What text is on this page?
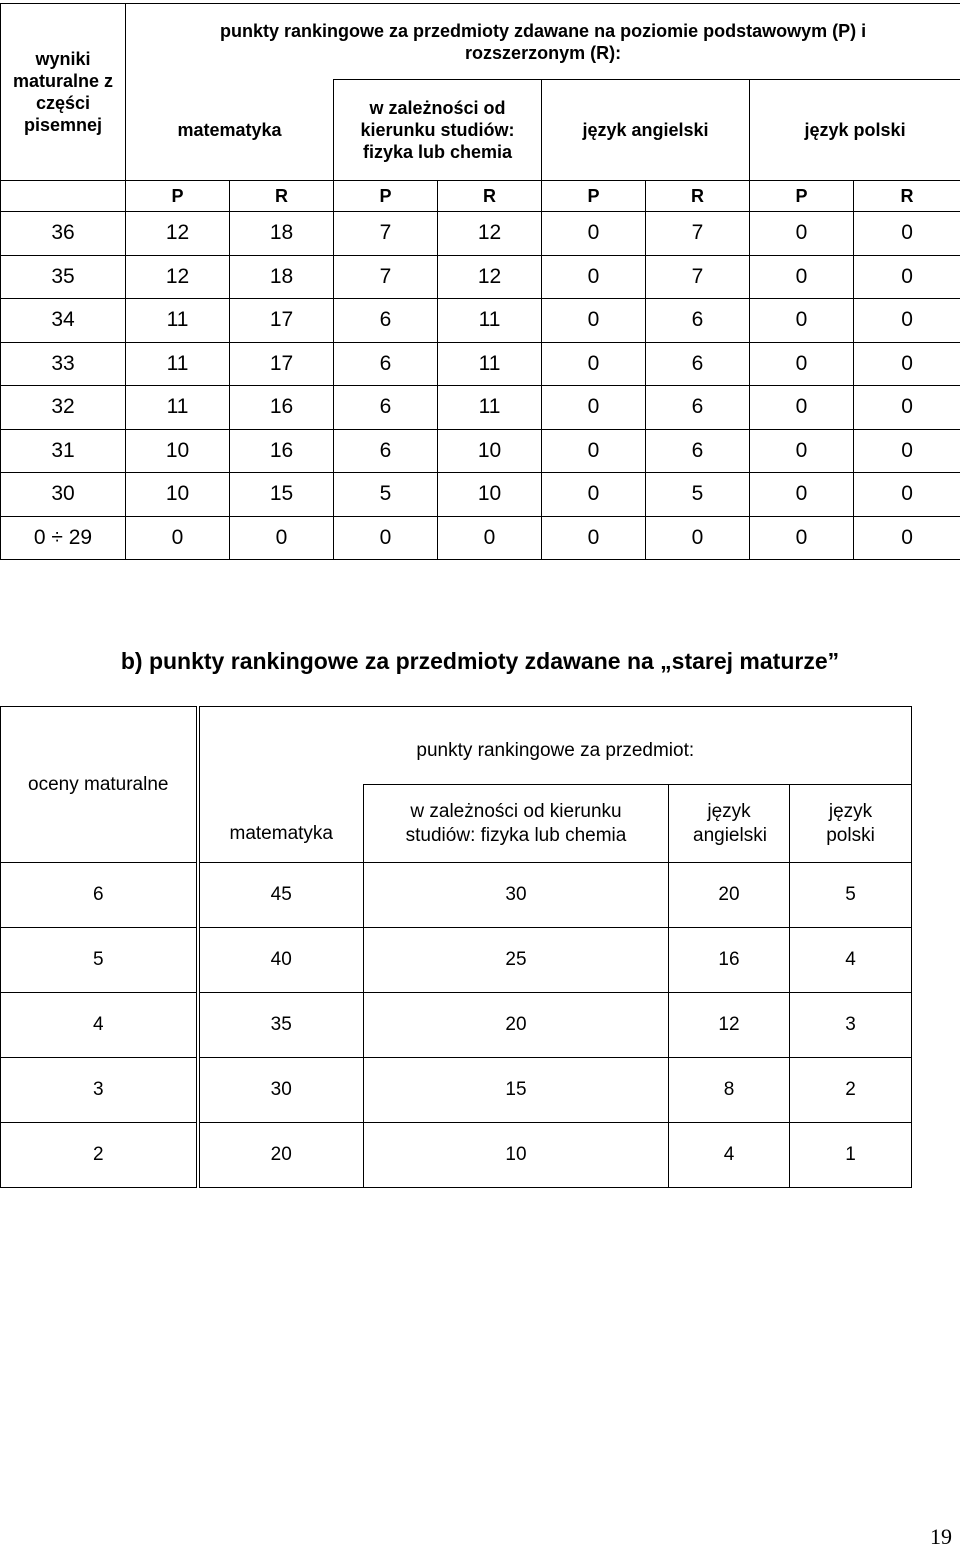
wyniki maturalne z części pisemnej	punkty rankingowe za przedmioty zdawane na poziomie podstawowym (P) i rozszerzonym (R):							
	matematyka		w zależności od kierunku studiów: fizyka lub chemia		język angielski		język polski	
	P	R	P	R	P	R	P	R
36	12	18	7	12	0	7	0	0
35	12	18	7	12	0	7	0	0
34	11	17	6	11	0	6	0	0
33	11	17	6	11	0	6	0	0
32	11	16	6	11	0	6	0	0
31	10	16	6	10	0	6	0	0
30	10	15	5	10	0	5	0	0
0 ÷ 29	0	0	0	0	0	0	0	0
b) punkty rankingowe za przedmioty zdawane na „starej maturze”
oceny maturalne	punkty rankingowe za przedmiot:			
	matematyka	w zależności od kierunku studiów: fizyka lub chemia	język angielski	język polski
6	45	30	20	5
5	40	25	16	4
4	35	20	12	3
3	30	15	8	2
2	20	10	4	1
19
